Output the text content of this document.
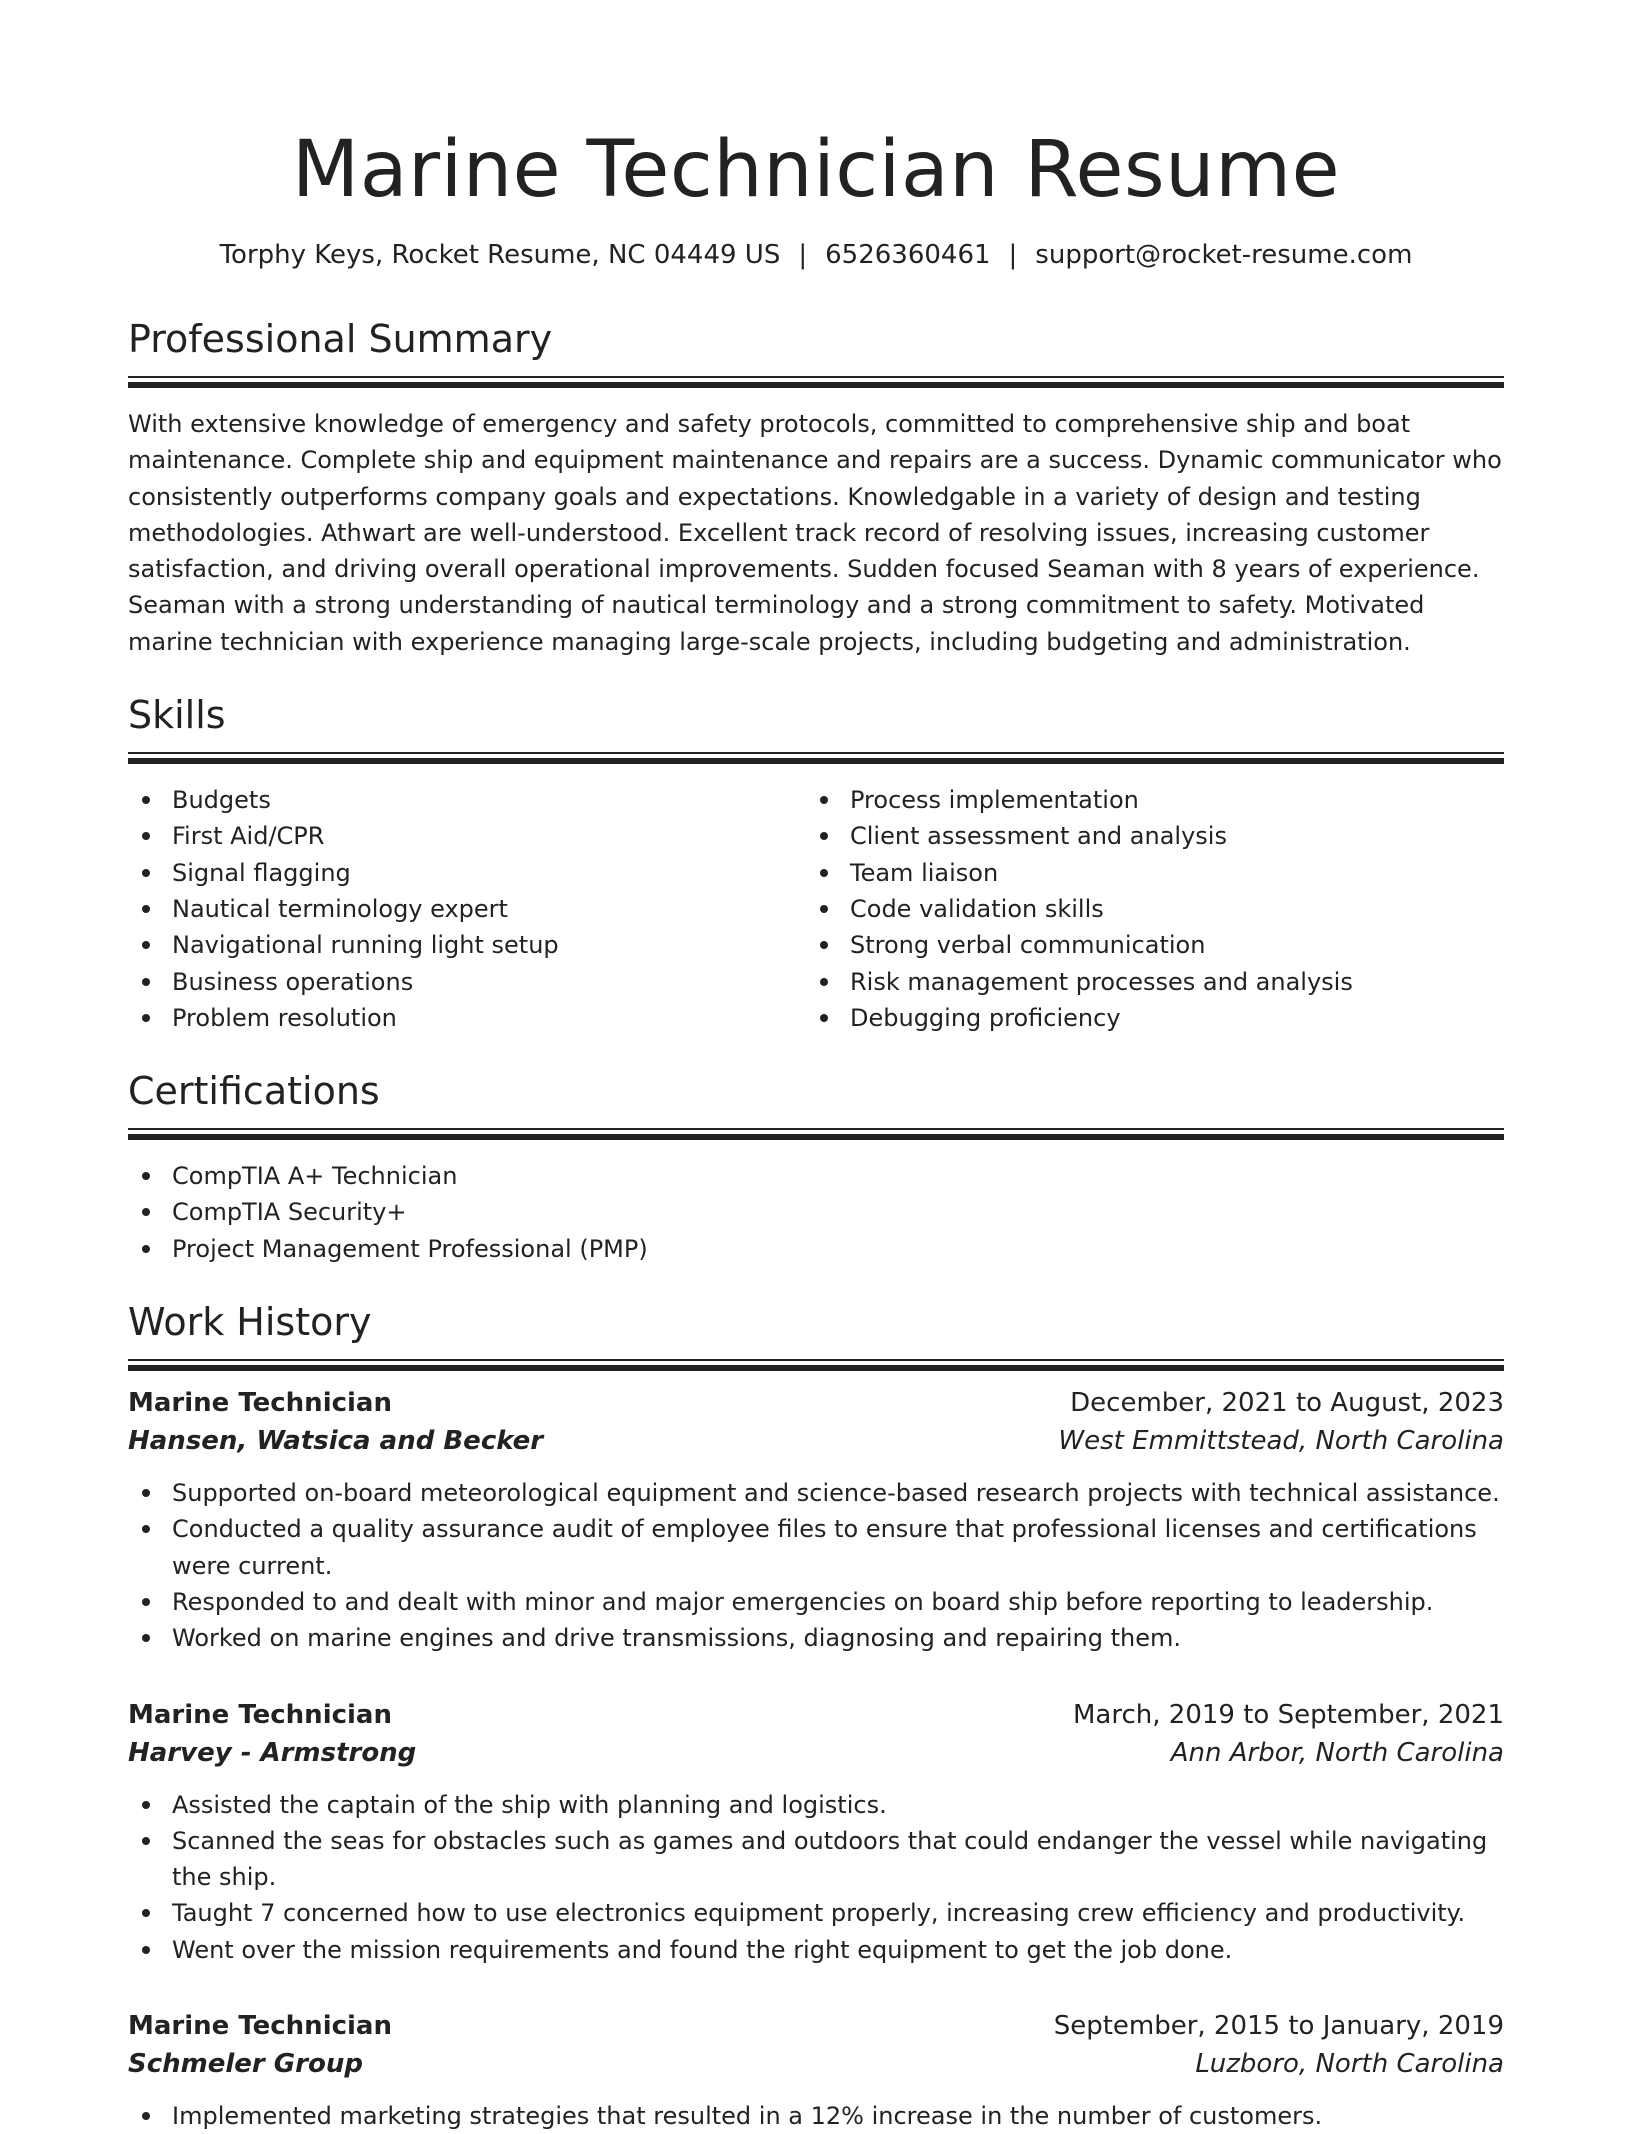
Marine Technician Resume
Torphy Keys, Rocket Resume, NC 04449 US | 6526360461 | support@rocket-resume.com
Professional Summary

With extensive knowledge of emergency and safety protocols, committed to comprehensive ship and boat maintenance. Complete ship and equipment maintenance and repairs are a success. Dynamic communicator who consistently outperforms company goals and expectations. Knowledgable in a variety of design and testing methodologies. Athwart are well-understood. Excellent track record of resolving issues, increasing customer satisfaction, and driving overall operational improvements. Sudden focused Seaman with 8 years of experience. Seaman with a strong understanding of nautical terminology and a strong commitment to safety. Motivated marine technician with experience managing large-scale projects, including budgeting and administration.

Skills
Budgets
First Aid/CPR
Signal flagging
Nautical terminology expert
Navigational running light setup
Business operations
Problem resolution
Process implementation
Client assessment and analysis
Team liaison
Code validation skills
Strong verbal communication
Risk management processes and analysis
Debugging proficiency
Certifications
CompTIA A+ Technician
CompTIA Security+
Project Management Professional (PMP)
Work History
Marine Technician	December, 2021 to August, 2023
Hansen, Watsica and Becker	West Emmittstead, North Carolina
Supported on-board meteorological equipment and science-based research projects with technical assistance.
Conducted a quality assurance audit of employee files to ensure that professional licenses and certifications were current.
Responded to and dealt with minor and major emergencies on board ship before reporting to leadership.
Worked on marine engines and drive transmissions, diagnosing and repairing them.
Marine Technician	March, 2019 to September, 2021
Harvey - Armstrong	Ann Arbor, North Carolina
Assisted the captain of the ship with planning and logistics.
Scanned the seas for obstacles such as games and outdoors that could endanger the vessel while navigating the ship.
Taught 7 concerned how to use electronics equipment properly, increasing crew efficiency and productivity.
Went over the mission requirements and found the right equipment to get the job done.
Marine Technician	September, 2015 to January, 2019
Schmeler Group	Luzboro, North Carolina
Implemented marketing strategies that resulted in a 12% increase in the number of customers.
